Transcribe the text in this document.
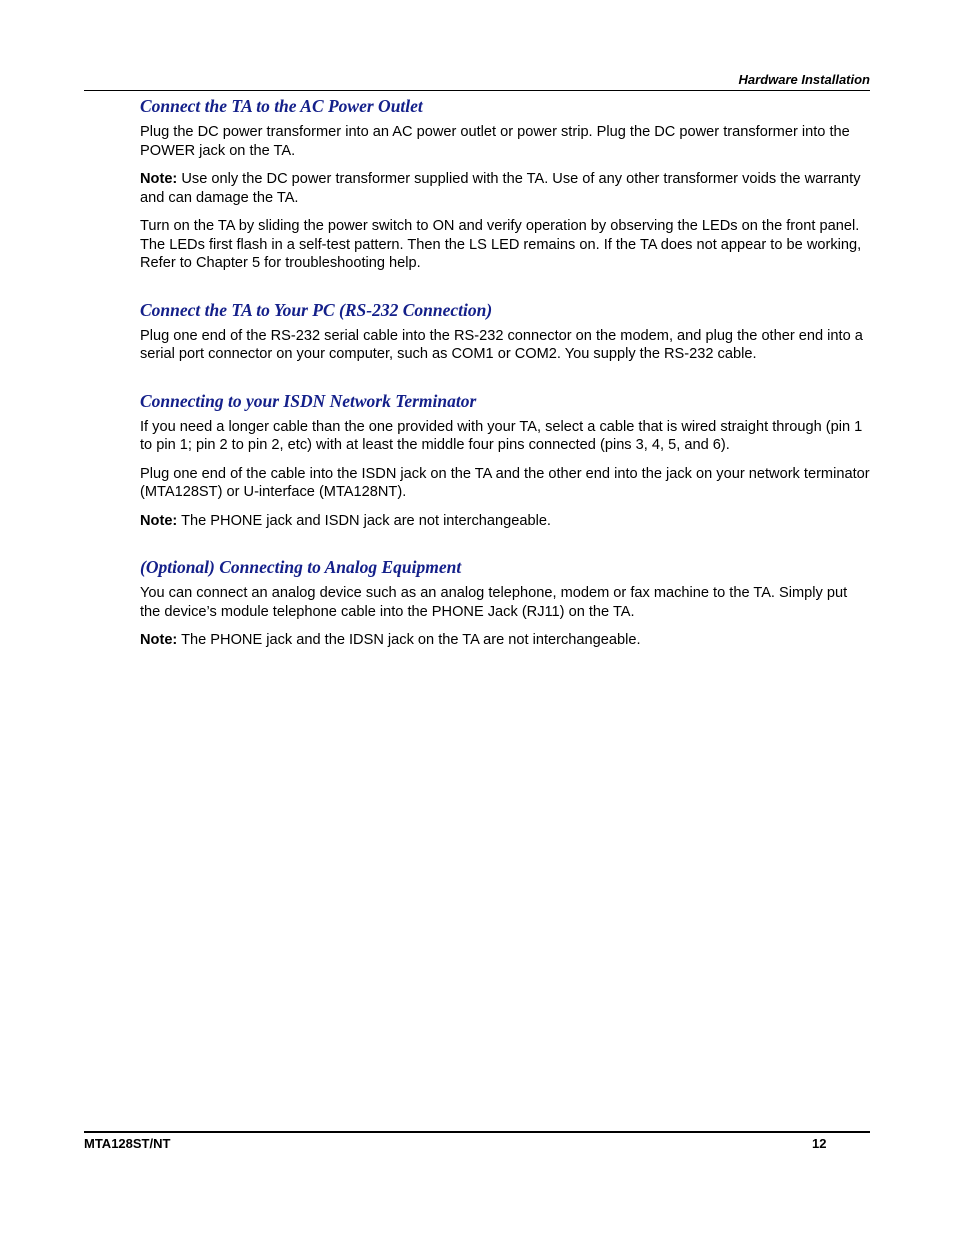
Hardware Installation
Connect the TA to the AC Power Outlet

Plug the DC power transformer into an AC power outlet or power strip. Plug the DC power transformer into the POWER jack on the TA.

Note: Use only the DC power transformer supplied with the TA. Use of any other transformer voids the warranty and can damage the TA.

Turn on the TA by sliding the power switch to ON and verify operation by observing the LEDs on the front panel. The LEDs first flash in a self-test pattern. Then the LS LED remains on. If the TA does not appear to be working, Refer to Chapter 5 for troubleshooting help.

Connect the TA to Your PC (RS-232 Connection)

Plug one end of the RS-232 serial cable into the RS-232 connector on the modem, and plug the other end into a serial port connector on your computer, such as COM1 or COM2. You supply the RS-232 cable.

Connecting to your ISDN Network Terminator

If you need a longer cable than the one provided with your TA, select a cable that is wired straight through (pin 1 to pin 1; pin 2 to pin 2, etc) with at least the middle four pins connected (pins 3, 4, 5, and 6).

Plug one end of the cable into the ISDN jack on the TA and the other end into the jack on your network terminator (MTA128ST) or U-interface (MTA128NT).

Note: The PHONE jack and ISDN jack are not interchangeable.

(Optional) Connecting to Analog Equipment

You can connect an analog device such as an analog telephone, modem or fax machine to the TA. Simply put the device’s module telephone cable into the PHONE Jack (RJ11) on the TA.

Note: The PHONE jack and the IDSN jack on the TA are not interchangeable.

MTA128ST/NT	12
